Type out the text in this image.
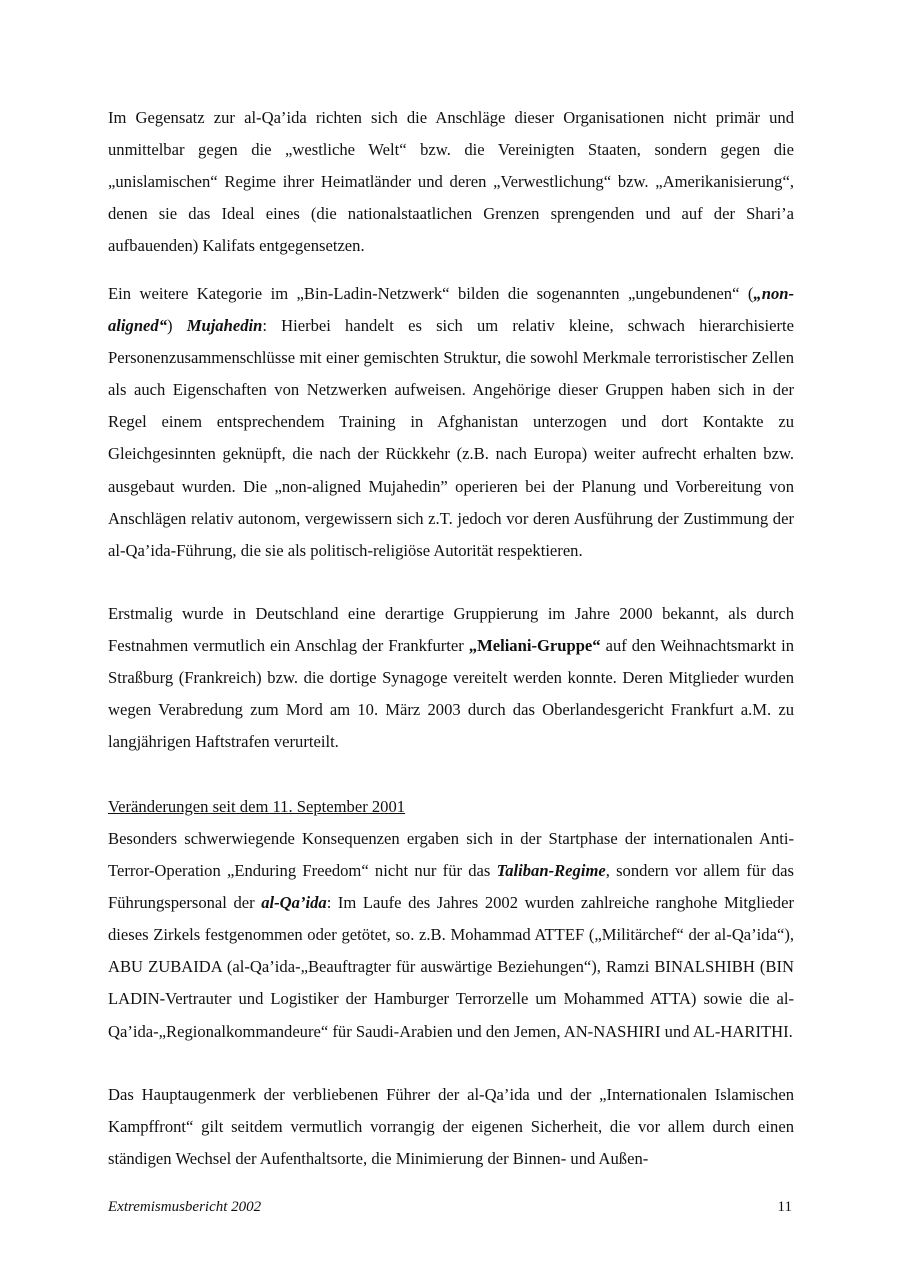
Im Gegensatz zur al-Qa’ida richten sich die Anschläge dieser Organisationen nicht primär und unmittelbar gegen die „westliche Welt“ bzw. die Vereinigten Staaten, sondern gegen die „unislamischen“ Regime ihrer Heimatländer und deren „Verwestlichung“ bzw. „Amerikanisierung“, denen sie das Ideal eines (die nationalstaatlichen Grenzen sprengenden und auf der Shari’a aufbauenden) Kalifats entgegensetzen.

Ein weitere Kategorie im „Bin-Ladin-Netzwerk“ bilden die sogenannten „ungebundenen“ („non-aligned“) Mujahedin: Hierbei handelt es sich um relativ kleine, schwach hierarchisierte Personenzusammenschlüsse mit einer gemischten Struktur, die sowohl Merkmale terroristischer Zellen als auch Eigenschaften von Netzwerken aufweisen. Angehörige dieser Gruppen haben sich in der Regel einem entsprechendem Training in Afghanistan unterzogen und dort Kontakte zu Gleichgesinnten geknüpft, die nach der Rückkehr (z.B. nach Europa) weiter aufrecht erhalten bzw. ausgebaut wurden. Die „non-aligned Mujahedin” operieren bei der Planung und Vorbereitung von Anschlägen relativ autonom, vergewissern sich z.T. jedoch vor deren Ausführung der Zustimmung der al-Qa’ida-Führung, die sie als politisch-religiöse Autorität respektieren.

Erstmalig wurde in Deutschland eine derartige Gruppierung im Jahre 2000 bekannt, als durch Festnahmen vermutlich ein Anschlag der Frankfurter „Meliani-Gruppe“ auf den Weihnachtsmarkt in Straßburg (Frankreich) bzw. die dortige Synagoge vereitelt werden konnte. Deren Mitglieder wurden wegen Verabredung zum Mord am 10. März 2003 durch das Oberlandesgericht Frankfurt a.M. zu langjährigen Haftstrafen verurteilt.

Veränderungen seit dem 11. September 2001

Besonders schwerwiegende Konsequenzen ergaben sich in der Startphase der internationalen Anti-Terror-Operation „Enduring Freedom“ nicht nur für das Taliban-Regime, sondern vor allem für das Führungspersonal der al-Qa’ida: Im Laufe des Jahres 2002 wurden zahlreiche ranghohe Mitglieder dieses Zirkels festgenommen oder getötet, so. z.B. Mohammad ATTEF („Militärchef“ der al-Qa’ida“), ABU ZUBAIDA (al-Qa’ida-„Beauftragter für auswärtige Beziehungen“), Ramzi BINALSHIBH (BIN LADIN-Vertrauter und Logistiker der Hamburger Terrorzelle um Mohammed ATTA) sowie die al-Qa’ida-„Regionalkommandeure“ für Saudi-Arabien und den Jemen, AN-NASHIRI und AL-HARITHI.

Das Hauptaugenmerk der verbliebenen Führer der al-Qa’ida und der „Internationalen Islamischen Kampffront“ gilt seitdem vermutlich vorrangig der eigenen Sicherheit, die vor allem durch einen ständigen Wechsel der Aufenthaltsorte, die Minimierung der Binnen- und Außen-

Extremismusbericht 2002	11
